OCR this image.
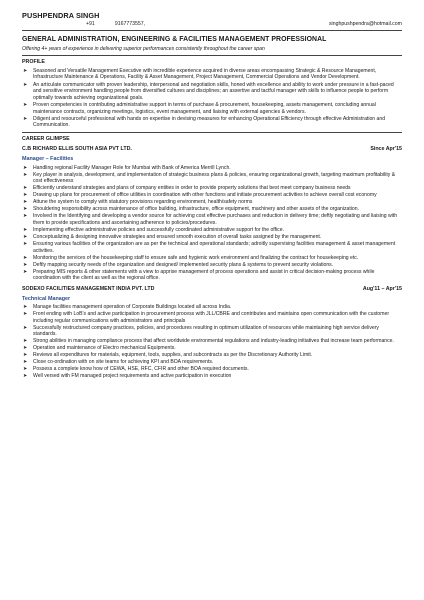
PUSHPENDRA SINGH
+91	9167773557,	singhpushpendra@hotmail.com
GENERAL ADMINISTRATION, ENGINEERING & FACILITIES MANAGEMENT PROFESSIONAL
Offering 4+ years of experience in delivering superior performances consistently throughout the career span
PROFILE
➤ Seasoned and Versatile Management Executive with incredible experience acquired in diverse areas encompassing Strategic & Resource Management, Infrastructure Maintenance & Operations, Facility & Asset Management, Project Management, Commercial Operations and Vendor Development.
➤ An articulate communicator with proven leadership, interpersonal and negotiation skills, honed with excellence and ability to work under pressure in a fast-paced and sensitive environment handling people from diversified cultures and disciplines; an assertive and tactful manager with skills to influence people to perform optimally towards achieving organizational goals.
➤ Proven competencies in contributing administrative support in terms of purchase & procurement, housekeeping, assets management, concluding annual maintenance contracts, organizing meetings, logistics, event management, and liaising with external agencies & vendors.
➤ Diligent and resourceful professional with hands on expertise in devising measures for enhancing Operational Efficiency through effective Administration and Communication.
CAREER GLIMPSE
C.B RICHARD ELLIS SOUTH ASIA PVT LTD.	Since Apr'15
Manager – Facilities
➤ Handling regional Facility Manager Role for Mumbai with Bank of America Merrill Lynch.
➤ Key player in analysis, development, and implementation of strategic business plans & policies, ensuring organizational growth, targeting maximum profitability & cost effectiveness
➤ Efficiently understand strategies and plans of company entities in order to provide property solutions that best meet company business needs
➤ Drawing up plans for procurement of office utilities in coordination with other functions and initiate procurement activities to achieve overall cost economy
➤ Attune the system to comply with statutory provisions regarding environment, health/safety norms
➤ Shouldering responsibility across maintenance of office building, infrastructure, office equipment, machinery and other assets of the organization.
➤ Involved in the Identifying and developing a vendor source for achieving cost effective purchases and reduction in delivery time; deftly negotiating and liaising with them to provide specifications and ascertaining adherence to policies/procedures.
➤ Implementing effective administrative policies and successfully coordinated administrative support for the office.
➤ Conceptualizing & designing innovative strategies and ensured smooth execution of overall tasks assigned by the management.
➤ Ensuring various facilities of the organization are as per the technical and operational standards; adroitly supervising facilities management & asset management activities.
➤ Monitoring the services of the housekeeping staff to ensure safe and hygienic work environment and finalizing the contract for housekeeping etc.
➤ Deftly mapping security needs of the organization and designed/ implemented security plans & systems to prevent security violations.
➤ Preparing MIS reports & other statements with a view to apprise management of process operations and assist in critical decision-making process while coordination with the client as well as the regional office.
SODEXO FACILITIES MANAGEMENT INDIA PVT. LTD	Aug'11 – Apr'15
Technical Manager
➤ Manage facilities management operation of Corporate Buildings located all across India.
➤ Front ending with LoB's and active participation in procurement process with JLL/CBRE and contributes and maintains open communication with the customer including regular communications with administrators and principals
➤ Successfully restructured company practices, policies, and procedures resulting in optimum utilization of resources while maintaining high service delivery standards.
➤ Strong abilities in managing compliance process that affect worldwide environmental regulations and industry-leading initiatives that increase team performance.
➤ Operation and maintenance of Electro mechanical Equipments.
➤ Reviews all expenditures for materials, equipment, tools, supplies, and subcontracts as per the Discretionary Authority Limit.
➤ Close co-ordination with on site teams for achieving KPI and BOA requirements.
➤ Possess a complete know how of CEWA, HSE, RFC, CFIR and other BOA required documents.
➤ Well versed with FM managed project requirements and active participation in execution
